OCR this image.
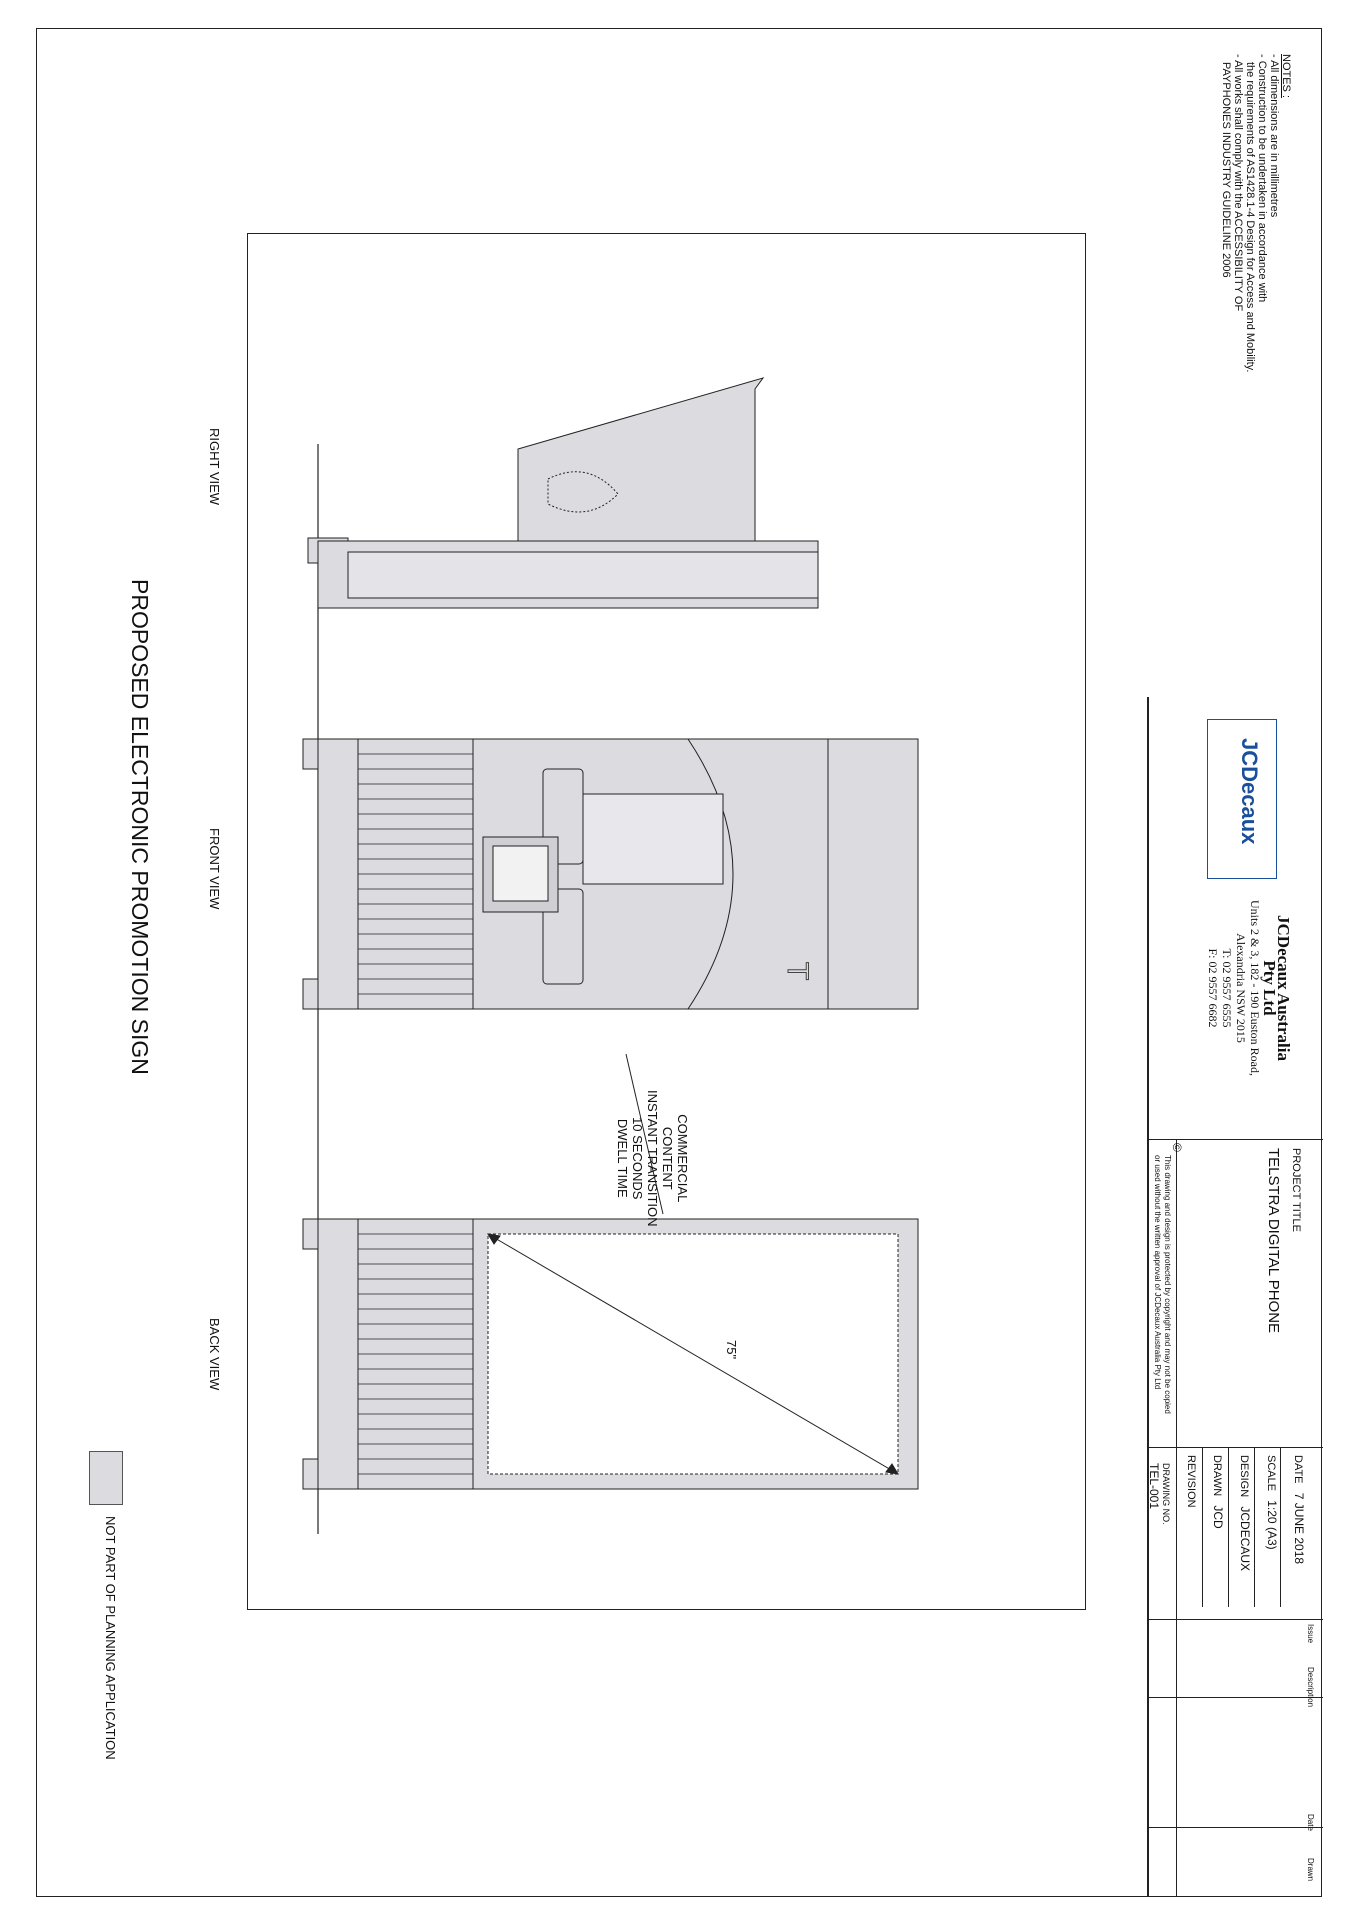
NOTES :
- All dimensions are in millimetres
- Construction to be undertaken in accordance with
the requirements of AS1428.1-4 Design for Access and Mobility.
- All works shall comply with the ACCESSIBILITY OF
PAYPHONES INDUSTRY GUIDELINE 2006
T
75"
COMMERCIAL
CONTENT
INSTANT TRANSITION
10 SECONDS
DWELL TIME
RIGHT VIEW
FRONT VIEW
BACK VIEW
PROPOSED ELECTRONIC PROMOTION SIGN
NOT PART OF PLANNING APPLICATION
JCDecaux
JCDecaux Australia
Pty Ltd
Units 2 & 3, 182 - 190 Euston Road,
Alexandria NSW 2015
T: 02 9557 6555
F: 02 9557 6682
PROJECT TITLE
TELSTRA DIGITAL PHONE
©
This drawing and design is protected by copyright and may not be copied
or used without the written approval of JCDecaux Australia Pty Ltd
DATE   7 JUNE 2018
SCALE   1:20 (A3)
DESIGN   JCDECAUX
DRAWN   JCD
REVISION
DRAWING NO.
TEL-001
Issue
Description
Date
Drawn
